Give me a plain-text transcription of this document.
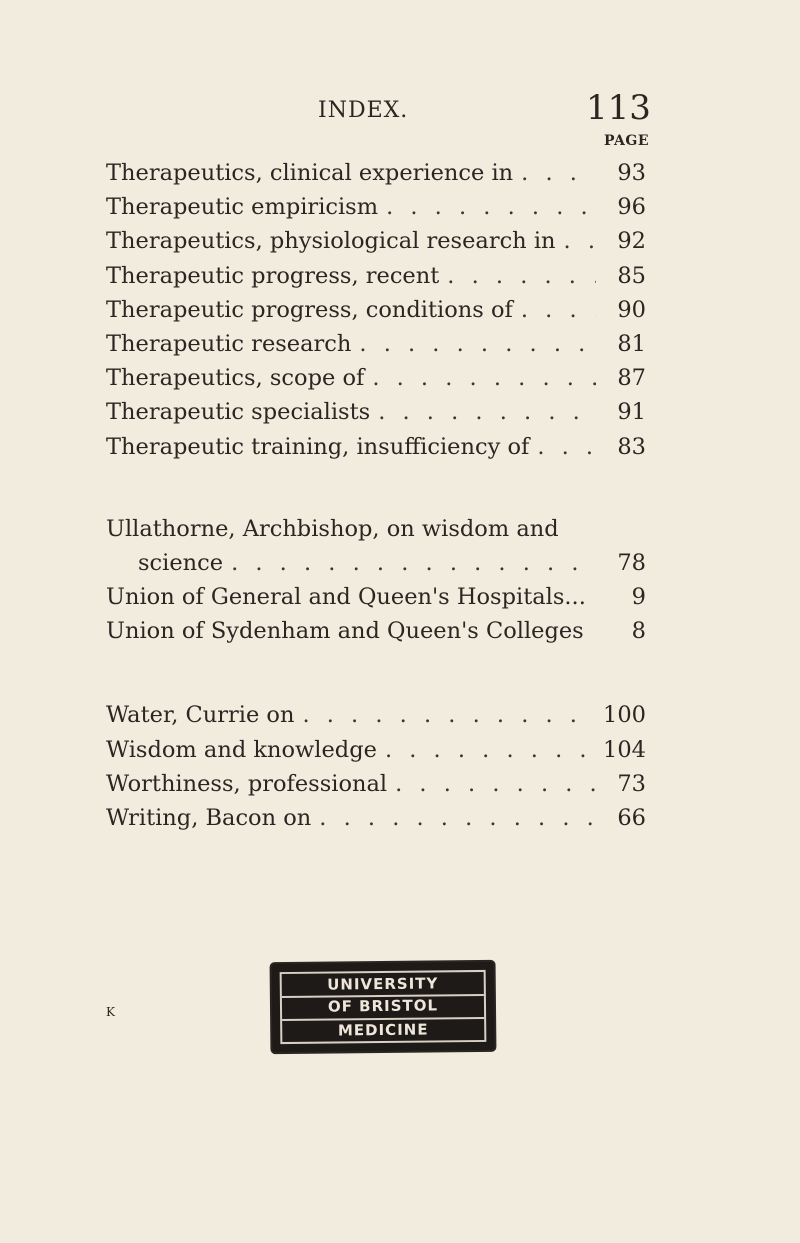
INDEX.	113
PAGE
Therapeutics, clinical experience in . . .	93
Therapeutic empiricism . . .	96
Therapeutics, physiological research in . . .	92
Therapeutic progress, recent . . .	85
Therapeutic progress, conditions of . . .	90
Therapeutic research . . .	81
Therapeutics, scope of . . .	87
Therapeutic specialists . . .	91
Therapeutic training, insufficiency of . . .	83
Ullathorne, Archbishop, on wisdom and
science . . .	78
Union of General and Queen's Hospitals...	9
Union of Sydenham and Queen's Colleges	8
Water, Currie on . . .	100
Wisdom and knowledge . . .	104
Worthiness, professional . . .	73
Writing, Bacon on . . .	66
K
UNIVERSITY
OF BRISTOL
MEDICINE
